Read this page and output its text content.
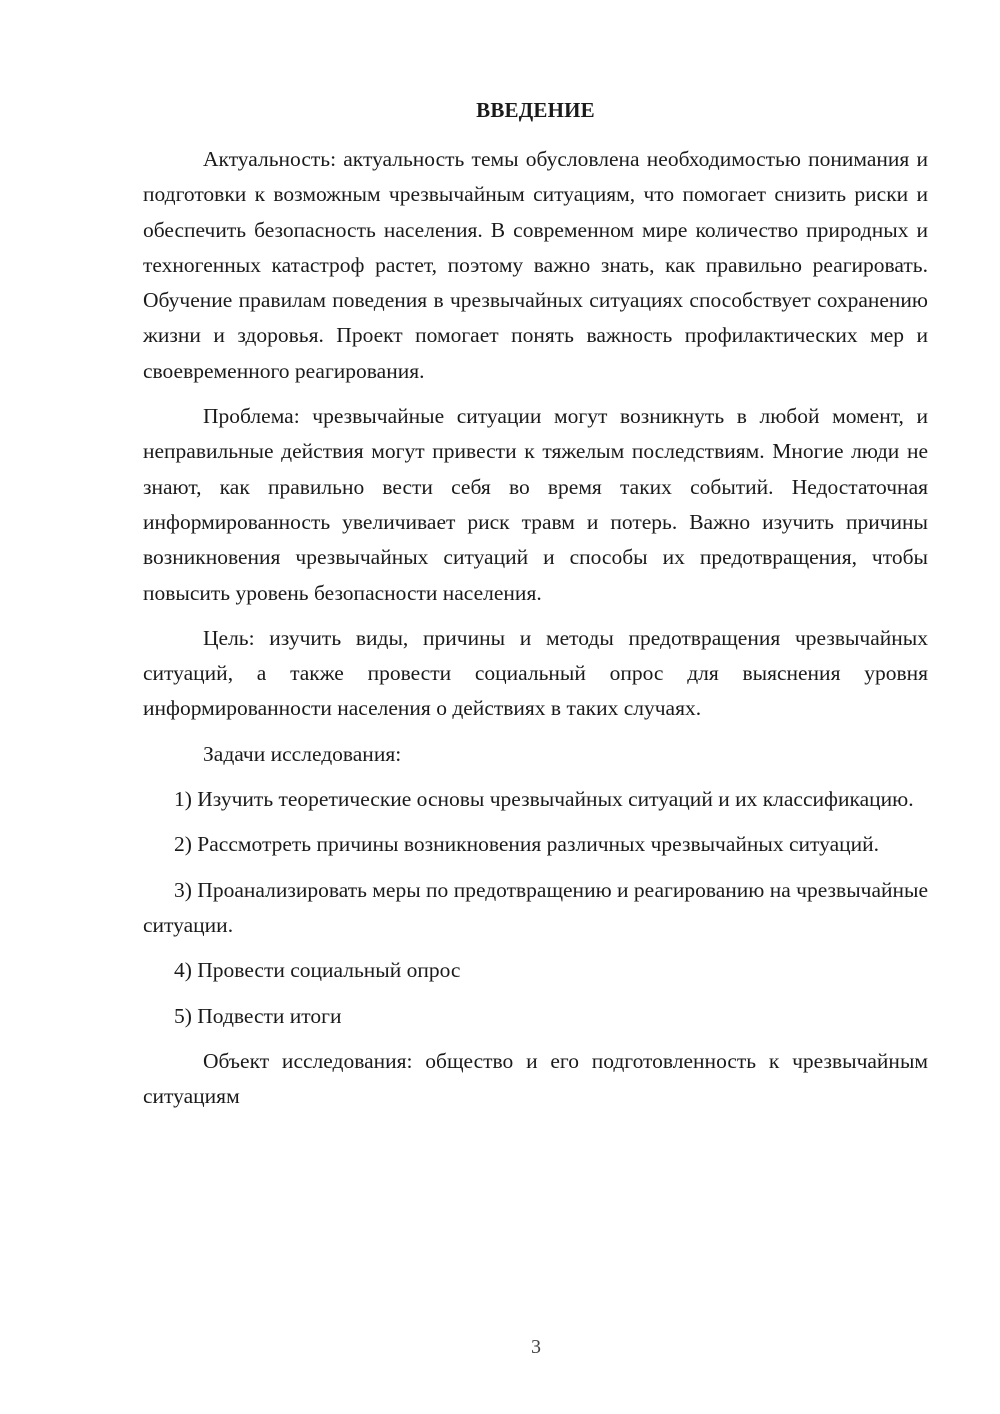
ВВЕДЕНИЕ

Актуальность: актуальность темы обусловлена необходимостью понимания и подготовки к возможным чрезвычайным ситуациям, что помогает снизить риски и обеспечить безопасность населения. В современном мире количество природных и техногенных катастроф растет, поэтому важно знать, как правильно реагировать. Обучение правилам поведения в чрезвычайных ситуациях способствует сохранению жизни и здоровья. Проект помогает понять важность профилактических мер и своевременного реагирования.

Проблема: чрезвычайные ситуации могут возникнуть в любой момент, и неправильные действия могут привести к тяжелым последствиям. Многие люди не знают, как правильно вести себя во время таких событий. Недостаточная информированность увеличивает риск травм и потерь. Важно изучить причины возникновения чрезвычайных ситуаций и способы их предотвращения, чтобы повысить уровень безопасности населения.

Цель: изучить виды, причины и методы предотвращения чрезвычайных ситуаций, а также провести социальный опрос для выяснения уровня информированности населения о действиях в таких случаях.

Задачи исследования:

1) Изучить теоретические основы чрезвычайных ситуаций и их классификацию.

2) Рассмотреть причины возникновения различных чрезвычайных ситуаций.

3) Проанализировать меры по предотвращению и реагированию на чрезвычайные ситуации.

4) Провести социальный опрос

5) Подвести итоги

Объект исследования: общество и его подготовленность к чрезвычайным ситуациям

3
